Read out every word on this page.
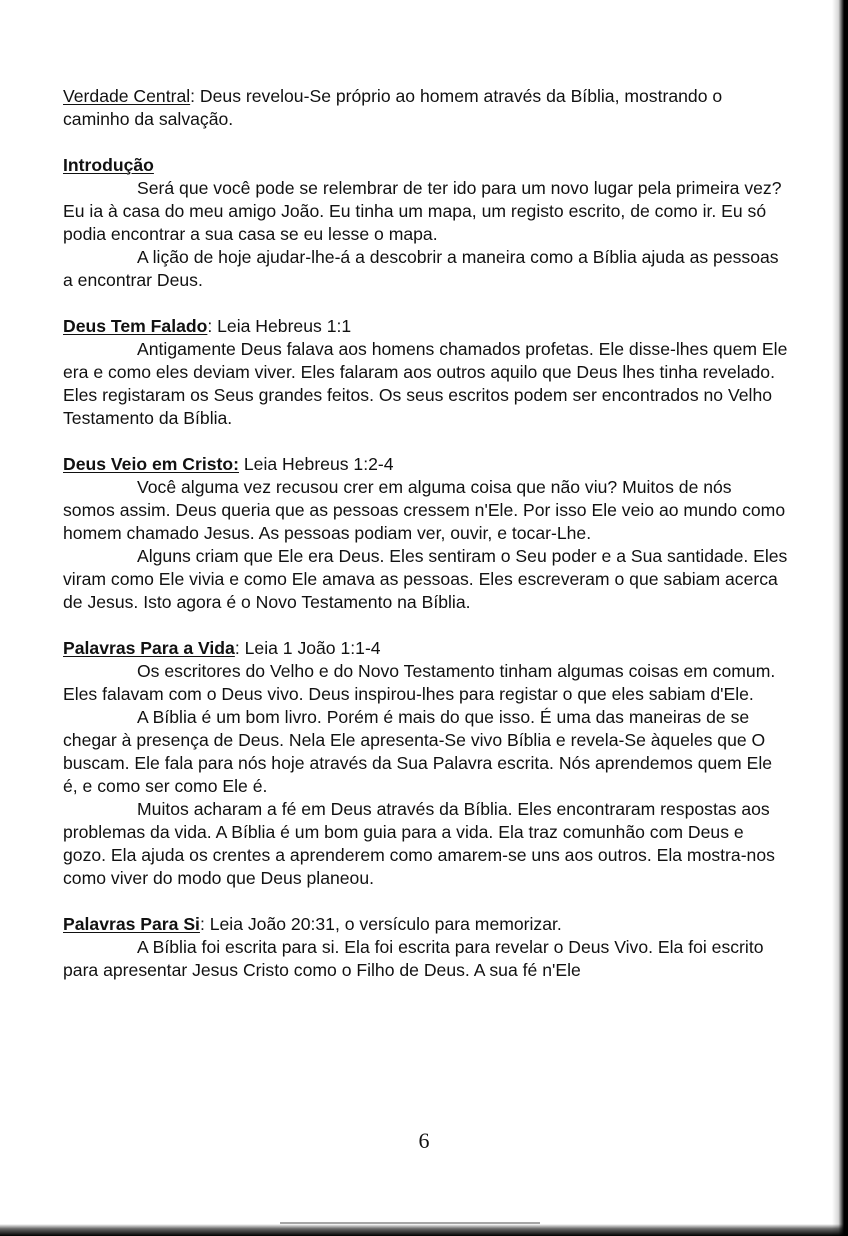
Verdade Central: Deus revelou-Se próprio ao homem através da Bíblia, mostrando o caminho da salvação.

Introdução

Será que você pode se relembrar de ter ido para um novo lugar pela primeira vez? Eu ia à casa do meu amigo João. Eu tinha um mapa, um registo escrito, de como ir. Eu só podia encontrar a sua casa se eu lesse o mapa.

A lição de hoje ajudar-lhe-á a descobrir a maneira como a Bíblia ajuda as pessoas a encontrar Deus.

Deus Tem Falado: Leia Hebreus 1:1

Antigamente Deus falava aos homens chamados profetas. Ele disse-lhes quem Ele era e como eles deviam viver. Eles falaram aos outros aquilo que Deus lhes tinha revelado. Eles registaram os Seus grandes feitos. Os seus escritos podem ser encontrados no Velho Testamento da Bíblia.

Deus Veio em Cristo: Leia Hebreus 1:2-4

Você alguma vez recusou crer em alguma coisa que não viu? Muitos de nós somos assim. Deus queria que as pessoas cressem n'Ele. Por isso Ele veio ao mundo como homem chamado Jesus. As pessoas podiam ver, ouvir, e tocar-Lhe.

Alguns criam que Ele era Deus. Eles sentiram o Seu poder e a Sua santidade. Eles viram como Ele vivia e como Ele amava as pessoas. Eles escreveram o que sabiam acerca de Jesus. Isto agora é o Novo Testamento na Bíblia.

Palavras Para a Vida: Leia 1 João 1:1-4

Os escritores do Velho e do Novo Testamento tinham algumas coisas em comum. Eles falavam com o Deus vivo. Deus inspirou-lhes para registar o que eles sabiam d'Ele.

A Bíblia é um bom livro. Porém é mais do que isso. É uma das maneiras de se chegar à presença de Deus. Nela Ele apresenta-Se vivo Bíblia e revela-Se àqueles que O buscam. Ele fala para nós hoje através da Sua Palavra escrita. Nós aprendemos quem Ele é, e como ser como Ele é.

Muitos acharam a fé em Deus através da Bíblia. Eles encontraram respostas aos problemas da vida. A Bíblia é um bom guia para a vida. Ela traz comunhão com Deus e gozo. Ela ajuda os crentes a aprenderem como amarem-se uns aos outros. Ela mostra-nos como viver do modo que Deus planeou.

Palavras Para Si: Leia João 20:31, o versículo para memorizar.

A Bíblia foi escrita para si. Ela foi escrita para revelar o Deus Vivo. Ela foi escrito para apresentar Jesus Cristo como o Filho de Deus. A sua fé n'Ele

6
